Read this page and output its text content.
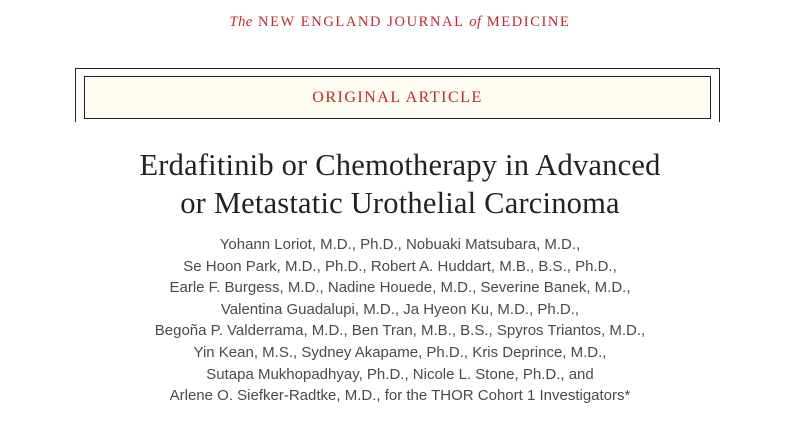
The NEW ENGLAND JOURNAL of MEDICINE
ORIGINAL ARTICLE
Erdafitinib or Chemotherapy in Advanced
or Metastatic Urothelial Carcinoma
Yohann Loriot, M.D., Ph.D., Nobuaki Matsubara, M.D.,
Se Hoon Park, M.D., Ph.D., Robert A. Huddart, M.B., B.S., Ph.D.,
Earle F. Burgess, M.D., Nadine Houede, M.D., Severine Banek, M.D.,
Valentina Guadalupi, M.D., Ja Hyeon Ku, M.D., Ph.D.,
Begoña P. Valderrama, M.D., Ben Tran, M.B., B.S., Spyros Triantos, M.D.,
Yin Kean, M.S., Sydney Akapame, Ph.D., Kris Deprince, M.D.,
Sutapa Mukhopadhyay, Ph.D., Nicole L. Stone, Ph.D., and
Arlene O. Siefker-Radtke, M.D., for the THOR Cohort 1 Investigators*
